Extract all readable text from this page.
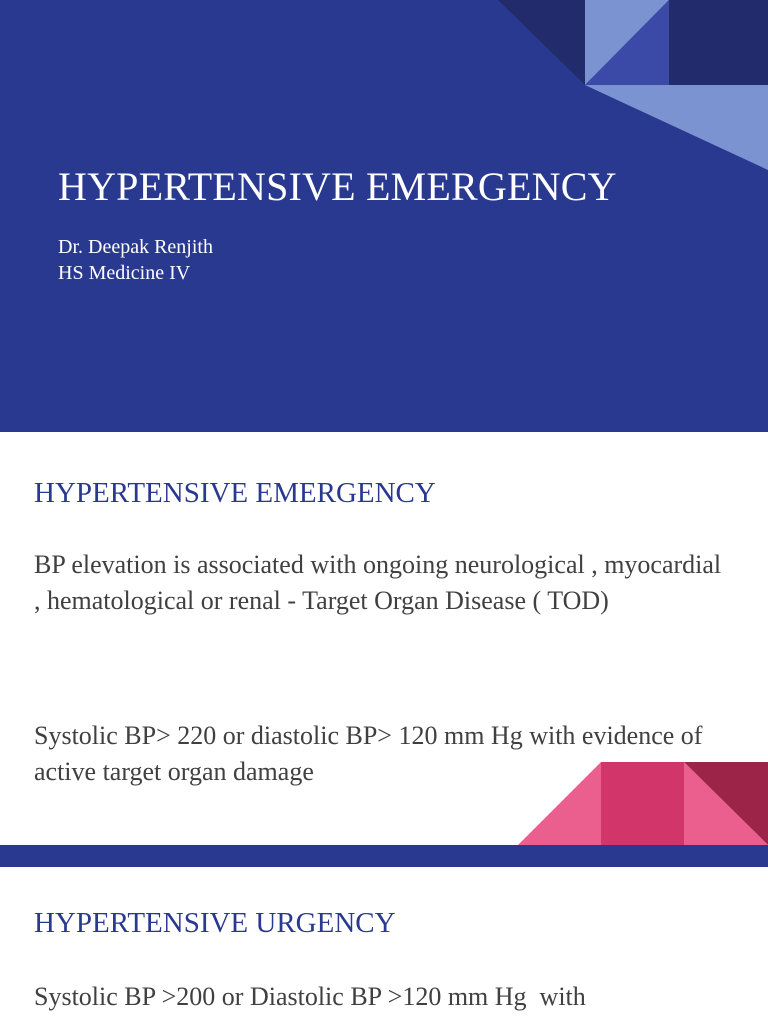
HYPERTENSIVE EMERGENCY
Dr. Deepak Renjith
HS Medicine IV
HYPERTENSIVE EMERGENCY
BP elevation is associated with ongoing neurological , myocardial , hematological or renal - Target Organ Disease ( TOD)
Systolic BP> 220 or diastolic BP> 120 mm Hg with evidence of active target organ damage
HYPERTENSIVE URGENCY
Systolic BP >200 or Diastolic BP >120 mm Hg  with
